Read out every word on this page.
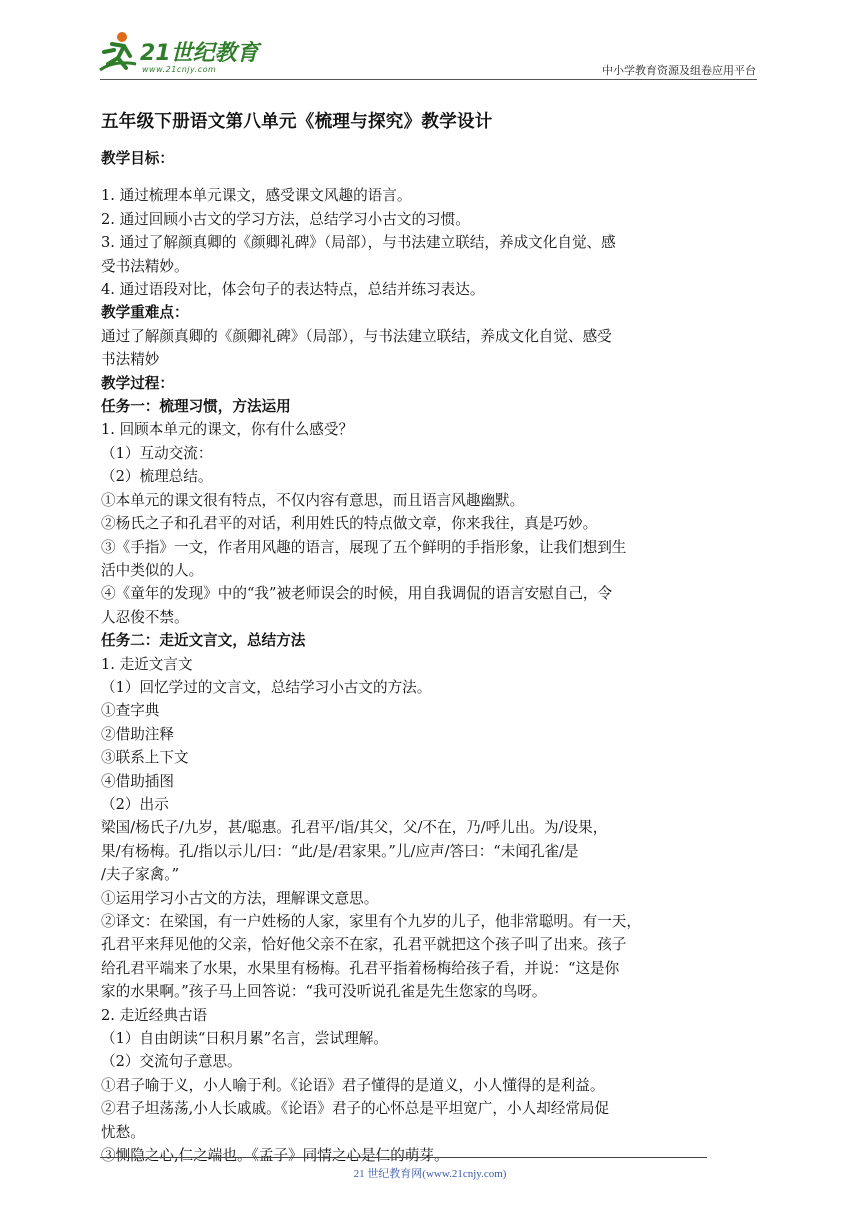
21世纪教育
www.21cnjy.com	中小学教育资源及组卷应用平台
五年级下册语文第八单元《梳理与探究》教学设计

教学目标：

1. 通过梳理本单元课文，感受课文风趣的语言。

2. 通过回顾小古文的学习方法，总结学习小古文的习惯。

3. 通过了解颜真卿的《颜卿礼碑》（局部），与书法建立联结，养成文化自觉、感

受书法精妙。

4. 通过语段对比，体会句子的表达特点，总结并练习表达。

教学重难点：

通过了解颜真卿的《颜卿礼碑》（局部），与书法建立联结，养成文化自觉、感受

书法精妙

教学过程：

任务一：梳理习惯，方法运用

1. 回顾本单元的课文，你有什么感受？

（1）互动交流：

（2）梳理总结。

①本单元的课文很有特点，不仅内容有意思，而且语言风趣幽默。

②杨氏之子和孔君平的对话，利用姓氏的特点做文章，你来我往，真是巧妙。

③《手指》一文，作者用风趣的语言，展现了五个鲜明的手指形象，让我们想到生

活中类似的人。

④《童年的发现》中的“我”被老师误会的时候，用自我调侃的语言安慰自己，令

人忍俊不禁。

任务二：走近文言文，总结方法

1. 走近文言文

（1）回忆学过的文言文，总结学习小古文的方法。

①查字典

②借助注释

③联系上下文

④借助插图

（2）出示

梁国/杨氏子/九岁，甚/聪惠。孔君平/诣/其父，父/不在，乃/呼儿出。为/设果，

果/有杨梅。孔/指以示儿/曰：“此/是/君家果。”儿/应声/答曰：“未闻孔雀/是

/夫子家禽。”

①运用学习小古文的方法，理解课文意思。

②译文：在梁国，有一户姓杨的人家，家里有个九岁的儿子，他非常聪明。有一天，

孔君平来拜见他的父亲，恰好他父亲不在家，孔君平就把这个孩子叫了出来。孩子

给孔君平端来了水果，水果里有杨梅。孔君平指着杨梅给孩子看，并说：“这是你

家的水果啊。”孩子马上回答说：“我可没听说孔雀是先生您家的鸟呀。

2. 走近经典古语

（1）自由朗读“日积月累”名言，尝试理解。

（2）交流句子意思。

①君子喻于义，小人喻于利。《论语》君子懂得的是道义，小人懂得的是利益。

②君子坦荡荡,小人长戚戚。《论语》君子的心怀总是平坦宽广，小人却经常局促

忧愁。

③恻隐之心,仁之端也。《孟子》同情之心是仁的萌芽。

21 世纪教育网(www.21cnjy.com)
